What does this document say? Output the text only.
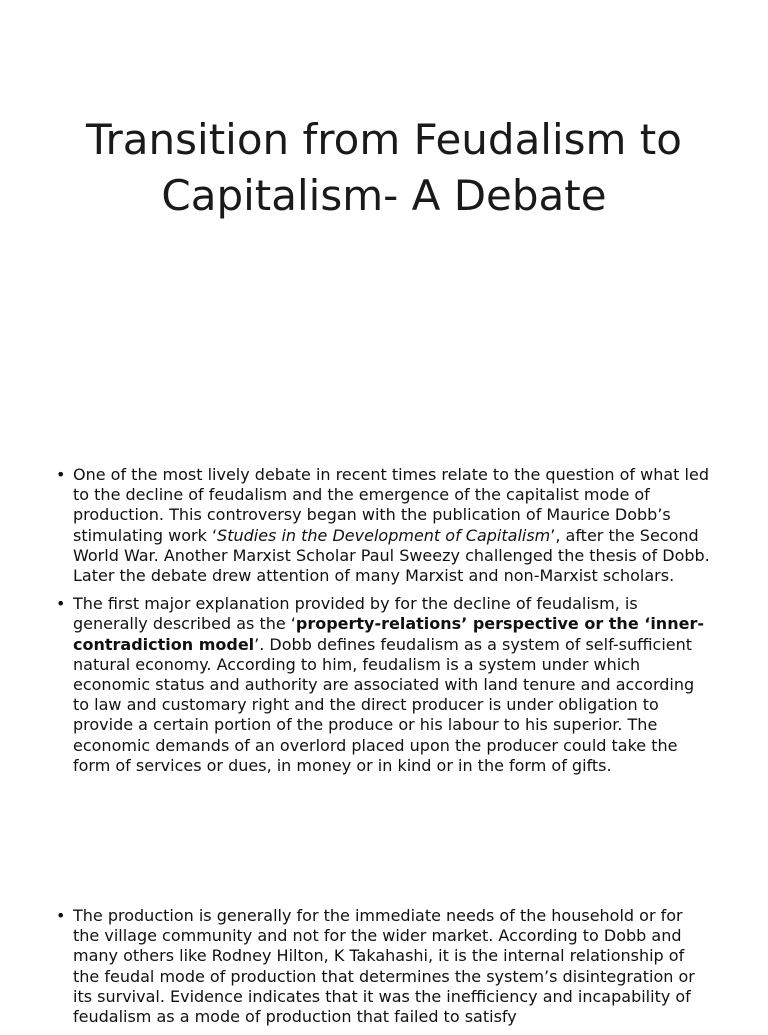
Transition from Feudalism to
Capitalism- A Debate
• One of the most lively debate in recent times relate to the question of what led to the decline of feudalism and the emergence of the capitalist mode of production. This controversy began with the publication of Maurice Dobb’s stimulating work ‘Studies in the Development of Capitalism’, after the Second World War. Another Marxist Scholar Paul Sweezy challenged the thesis of Dobb. Later the debate drew attention of many Marxist and non-Marxist scholars.
• The first major explanation provided by for the decline of feudalism, is generally described as the ‘property-relations’ perspective or the ‘inner-contradiction model’. Dobb defines feudalism as a system of self-sufficient natural economy. According to him, feudalism is a system under which economic status and authority are associated with land tenure and according to law and customary right and the direct producer is under obligation to provide a certain portion of the produce or his labour to his superior. The economic demands of an overlord placed upon the producer could take the form of services or dues, in money or in kind or in the form of gifts.
• The production is generally for the immediate needs of the household or for the village community and not for the wider market. According to Dobb and many others like Rodney Hilton, K Takahashi, it is the internal relationship of the feudal mode of production that determines the system’s disintegration or its survival. Evidence indicates that it was the inefficiency and incapability of feudalism as a mode of production that failed to satisfy
